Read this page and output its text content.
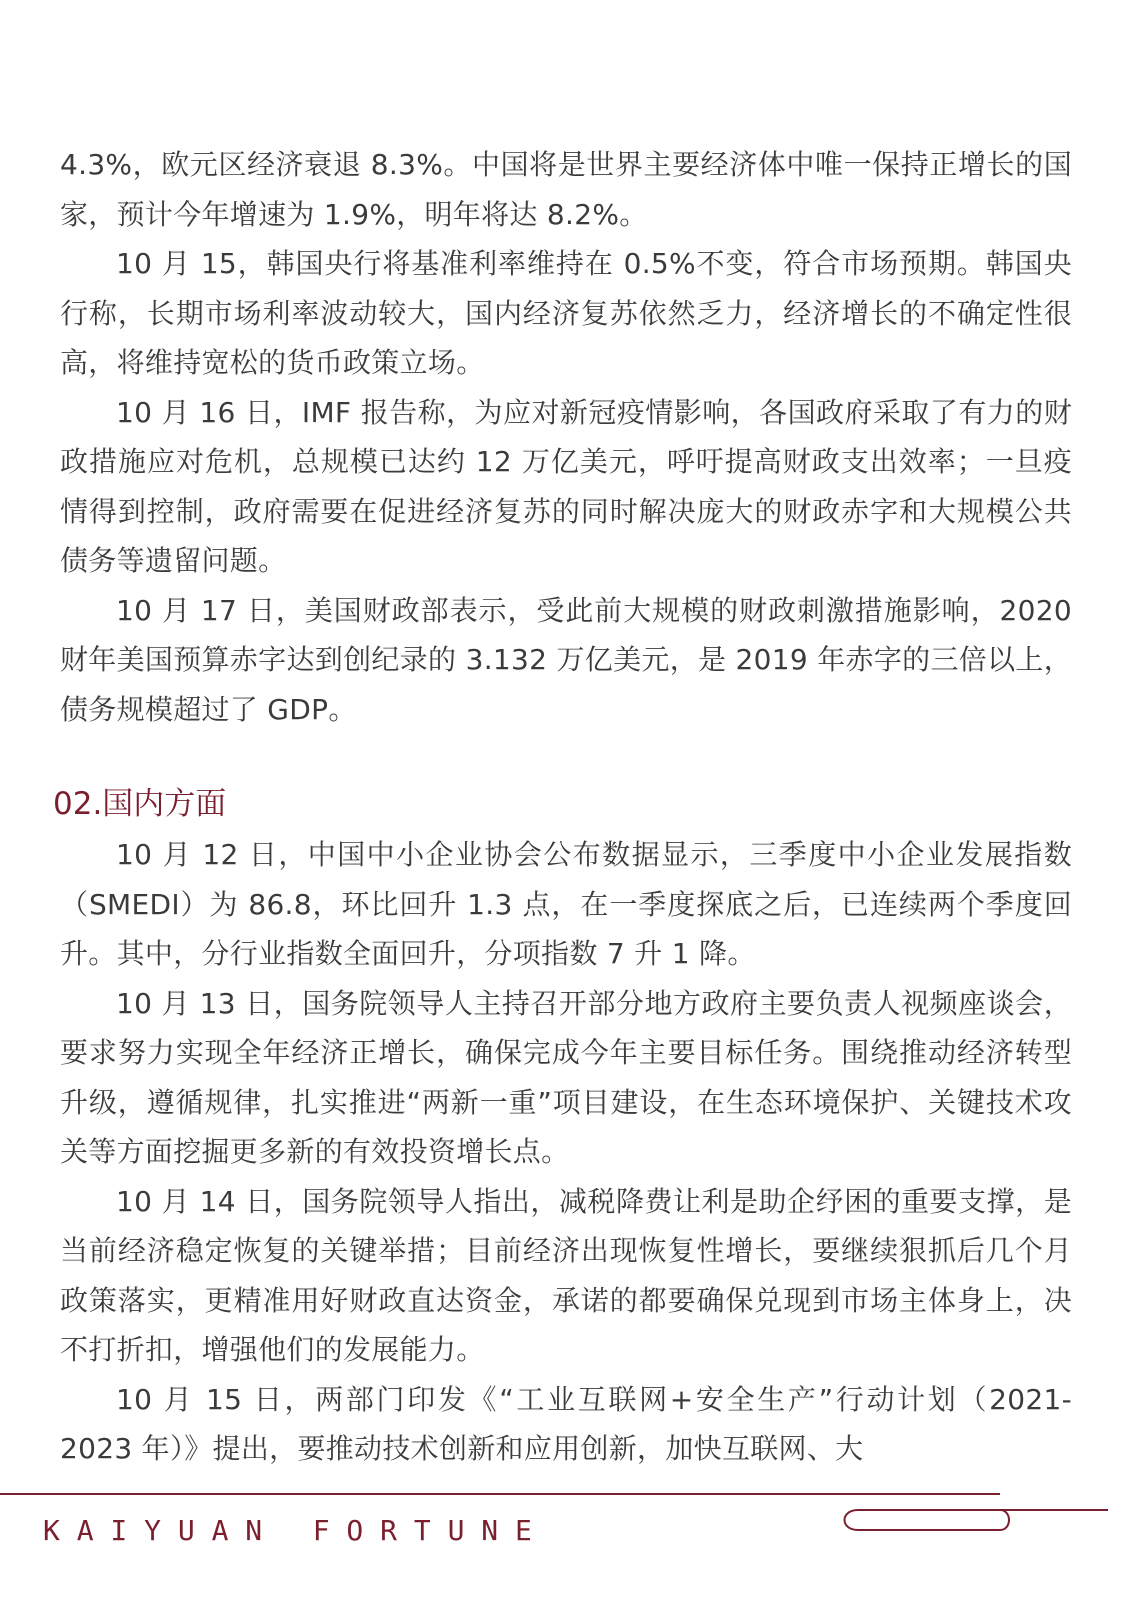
4.3%，欧元区经济衰退 8.3%。中国将是世界主要经济体中唯一保持正增长的国家，预计今年增速为 1.9%，明年将达 8.2%。

10 月 15，韩国央行将基准利率维持在 0.5%不变，符合市场预期。韩国央行称，长期市场利率波动较大，国内经济复苏依然乏力，经济增长的不确定性很高，将维持宽松的货币政策立场。

10 月 16 日，IMF 报告称，为应对新冠疫情影响，各国政府采取了有力的财政措施应对危机，总规模已达约 12 万亿美元，呼吁提高财政支出效率；一旦疫情得到控制，政府需要在促进经济复苏的同时解决庞大的财政赤字和大规模公共债务等遗留问题。

10 月 17 日，美国财政部表示，受此前大规模的财政刺激措施影响，2020 财年美国预算赤字达到创纪录的 3.132 万亿美元，是 2019 年赤字的三倍以上，债务规模超过了 GDP。

02.国内方面

10 月 12 日，中国中小企业协会公布数据显示，三季度中小企业发展指数（SMEDI）为 86.8，环比回升 1.3 点，在一季度探底之后，已连续两个季度回升。其中，分行业指数全面回升，分项指数 7 升 1 降。

10 月 13 日，国务院领导人主持召开部分地方政府主要负责人视频座谈会，要求努力实现全年经济正增长，确保完成今年主要目标任务。围绕推动经济转型升级，遵循规律，扎实推进“两新一重”项目建设，在生态环境保护、关键技术攻关等方面挖掘更多新的有效投资增长点。

10 月 14 日，国务院领导人指出，减税降费让利是助企纾困的重要支撑，是当前经济稳定恢复的关键举措；目前经济出现恢复性增长，要继续狠抓后几个月政策落实，更精准用好财政直达资金，承诺的都要确保兑现到市场主体身上，决不打折扣，增强他们的发展能力。

10 月 15 日，两部门印发《“工业互联网+安全生产”行动计划（2021-2023 年）》提出，要推动技术创新和应用创新，加快互联网、大

K A I Y U A N   F O R T U N E
